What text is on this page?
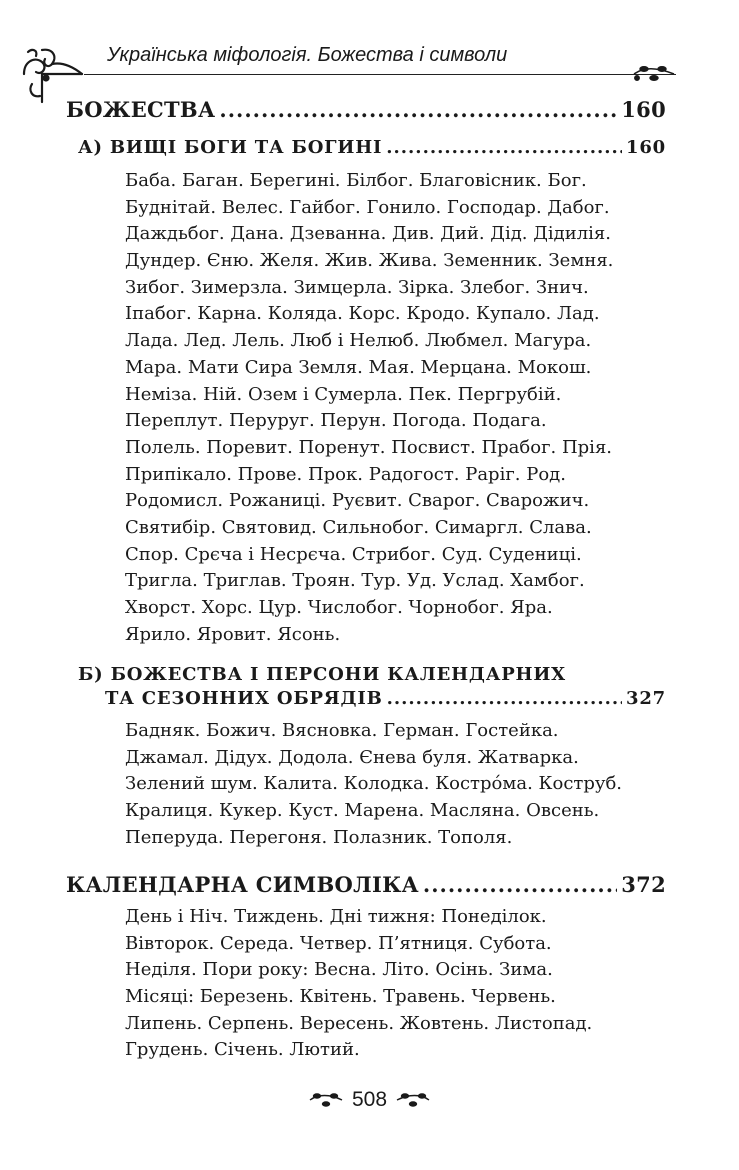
Українська міфологія. Божества і символи
БОЖЕСТВА .....	160
А) ВИЩІ БОГИ ТА БОГИНІ .....	160
Баба. Баган. Берегині. Білбог. Благовісник. Бог.
Буднітай. Велес. Гайбог. Гонило. Господар. Дабог.
Даждьбог. Дана. Дзеванна. Див. Дий. Дід. Дідилія.
Дундер. Єню. Желя. Жив. Жива. Земенник. Земня.
Зибог. Зимерзла. Зимцерла. Зірка. Злебог. Знич.
Іпабог. Карна. Коляда. Корс. Кродо. Купало. Лад.
Лада. Лед. Лель. Люб і Нелюб. Любмел. Магура.
Мара. Мати Сира Земля. Мая. Мерцана. Мокош.
Неміза. Ній. Озем і Сумерла. Пек. Пергрубій.
Переплут. Перуруг. Перун. Погода. Подага.
Полель. Поревит. Поренут. Посвист. Прабог. Прія.
Припікало. Прове. Прок. Радогост. Раріг. Род.
Родомисл. Рожаниці. Руєвит. Сварог. Сварожич.
Святибір. Святовид. Сильнобог. Симаргл. Слава.
Спор. Срєча і Несрєча. Стрибог. Суд. Судениці.
Тригла. Триглав. Троян. Тур. Уд. Услад. Хамбог.
Хворст. Хорс. Цур. Числобог. Чорнобог. Яра.
Ярило. Яровит. Ясонь.
Б) БОЖЕСТВА І ПЕРСОНИ КАЛЕНДАРНИХ
ТА СЕЗОННИХ ОБРЯДІВ .....	327
Бадняк. Божич. Вясновка. Герман. Гостейка.
Джамал. Дідух. Додола. Єнева буля. Жатварка.
Зелений шум. Калита. Колодка. Кострóма. Коструб.
Кралиця. Кукер. Куст. Марена. Масляна. Овсень.
Пеперуда. Перегоня. Полазник. Тополя.
КАЛЕНДАРНА СИМВОЛІКА .....	372
День і Ніч. Тиждень. Дні тижня: Понеділок.
Вівторок. Середа. Четвер. П’ятниця. Субота.
Неділя. Пори року: Весна. Літо. Осінь. Зима.
Місяці: Березень. Квітень. Травень. Червень.
Липень. Серпень. Вересень. Жовтень. Листопад.
Грудень. Січень. Лютий.
508
